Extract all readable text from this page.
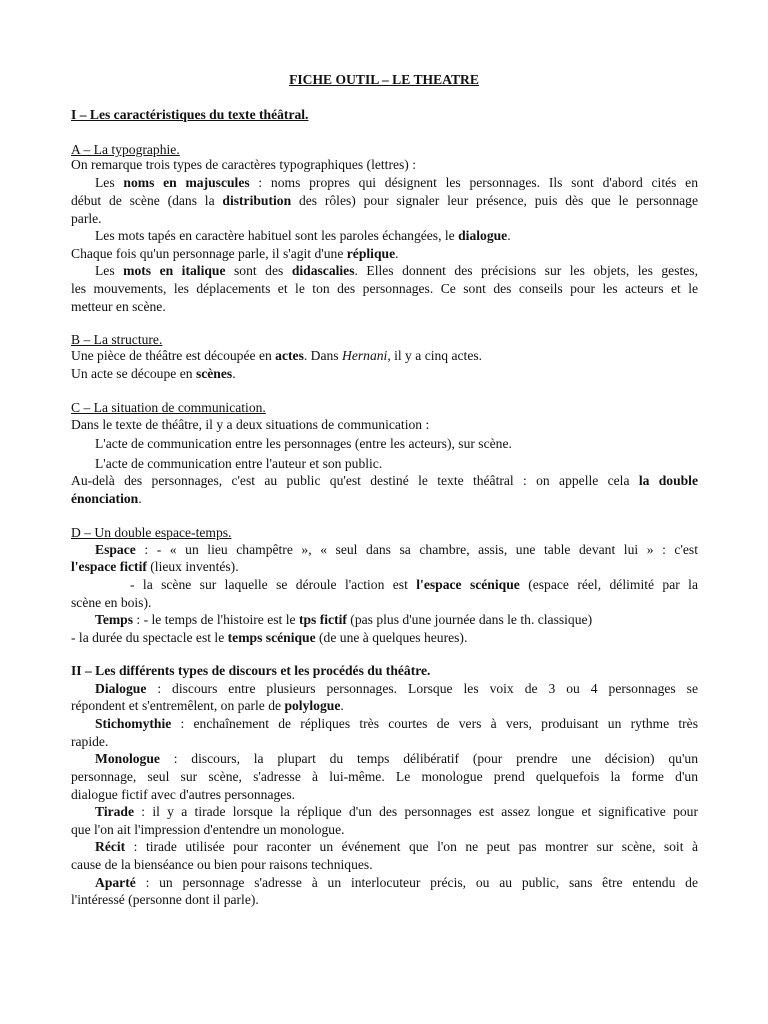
FICHE OUTIL – LE THEATRE
I – Les caractéristiques du texte théâtral.
A – La typographie.
On remarque trois types de caractères typographiques (lettres) :
Les noms en majuscules : noms propres qui désignent les personnages. Ils sont d'abord cités en
début de scène (dans la distribution des rôles) pour signaler leur présence, puis dès que le personnage
parle.
Les mots tapés en caractère habituel sont les paroles échangées, le dialogue.
Chaque fois qu'un personnage parle, il s'agit d'une réplique.
Les mots en italique sont des didascalies. Elles donnent des précisions sur les objets, les gestes,
les mouvements, les déplacements et le ton des personnages. Ce sont des conseils pour les acteurs et le
metteur en scène.
B – La structure.
Une pièce de théâtre est découpée en actes. Dans Hernani, il y a cinq actes.
Un acte se découpe en scènes.
C – La situation de communication.
Dans le texte de théâtre, il y a deux situations de communication :
L'acte de communication entre les personnages (entre les acteurs), sur scène.
L'acte de communication entre l'auteur et son public.
Au-delà des personnages, c'est au public qu'est destiné le texte théâtral : on appelle cela la double
énonciation.
D – Un double espace-temps.
Espace : - « un lieu champêtre », « seul dans sa chambre, assis, une table devant lui » : c'est
l'espace fictif (lieux inventés).
- la scène sur laquelle se déroule l'action est l'espace scénique (espace réel, délimité par la
scène en bois).
Temps : - le temps de l'histoire est le tps fictif (pas plus d'une journée dans le th. classique)
- la durée du spectacle est le temps scénique (de une à quelques heures).
II – Les différents types de discours et les procédés du théâtre.
Dialogue : discours entre plusieurs personnages. Lorsque les voix de 3 ou 4 personnages se
répondent et s'entremêlent, on parle de polylogue.
Stichomythie : enchaînement de répliques très courtes de vers à vers, produisant un rythme très
rapide.
Monologue : discours, la plupart du temps délibératif (pour prendre une décision) qu'un
personnage, seul sur scène, s'adresse à lui-même. Le monologue prend quelquefois la forme d'un
dialogue fictif avec d'autres personnages.
Tirade : il y a tirade lorsque la réplique d'un des personnages est assez longue et significative pour
que l'on ait l'impression d'entendre un monologue.
Récit : tirade utilisée pour raconter un événement que l'on ne peut pas montrer sur scène, soit à
cause de la bienséance ou bien pour raisons techniques.
Aparté : un personnage s'adresse à un interlocuteur précis, ou au public, sans être entendu de
l'intéressé (personne dont il parle).
